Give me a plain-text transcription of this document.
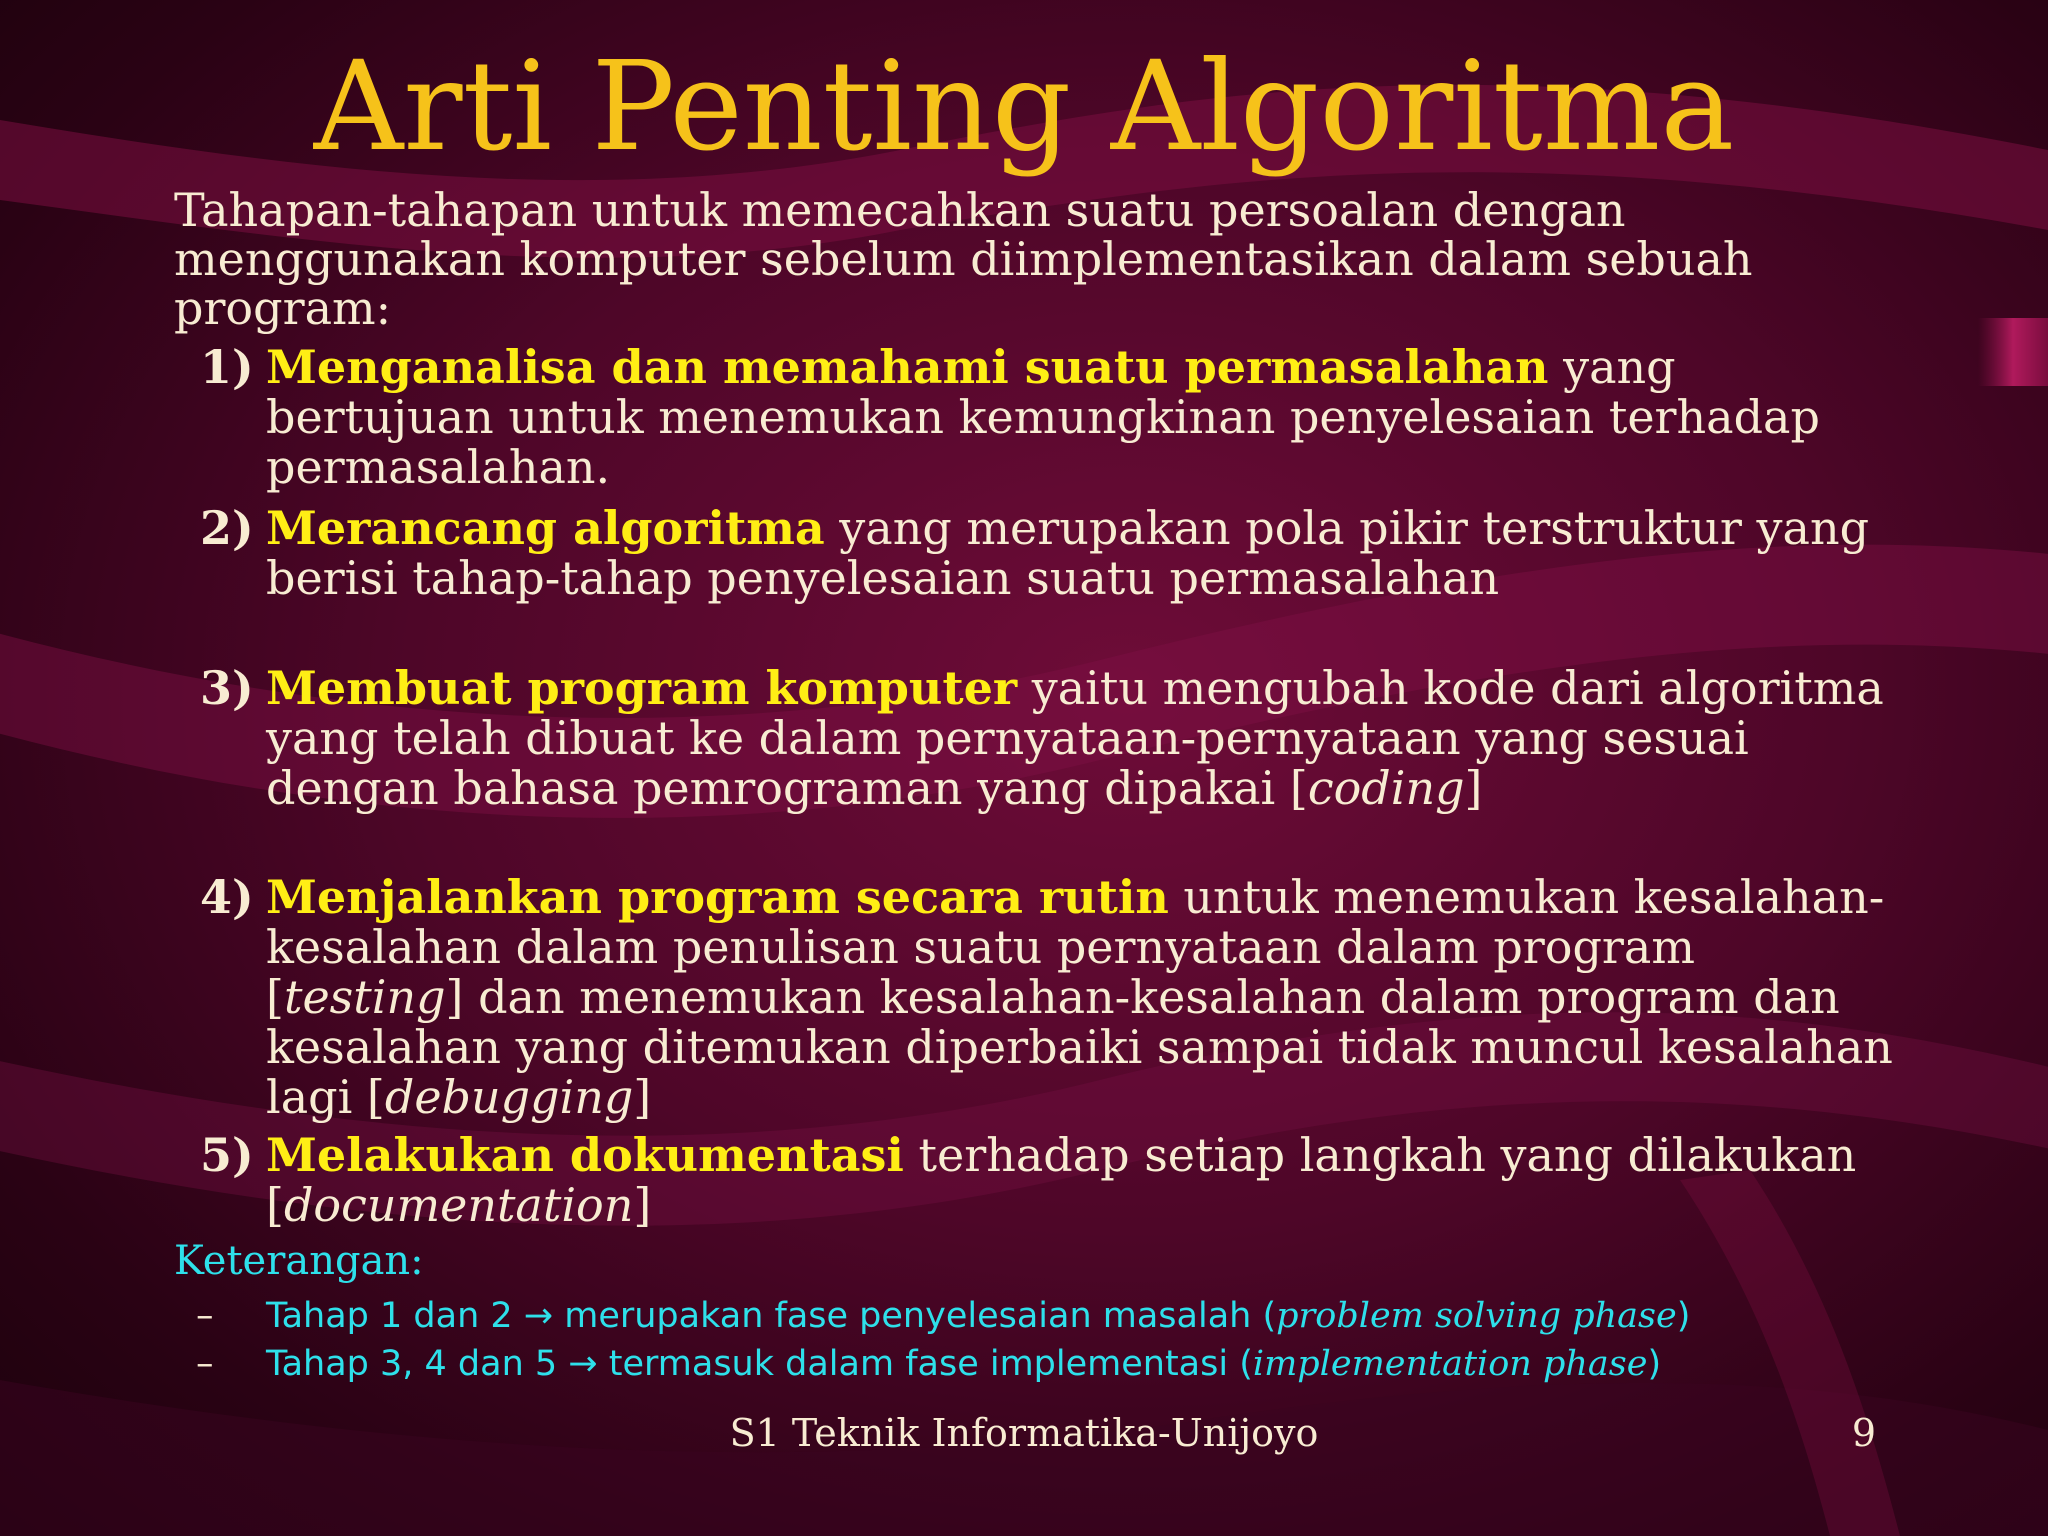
Arti Penting Algoritma

Tahapan-tahapan untuk memecahkan suatu persoalan dengan menggunakan komputer sebelum diimplementasikan dalam sebuah program:

1) Menganalisa dan memahami suatu permasalahan yang bertujuan untuk menemukan kemungkinan penyelesaian terhadap permasalahan.
2) Merancang algoritma yang merupakan pola pikir terstruktur yang berisi tahap-tahap penyelesaian suatu permasalahan
3) Membuat program komputer yaitu mengubah kode dari algoritma yang telah dibuat ke dalam pernyataan-pernyataan yang sesuai dengan bahasa pemrograman yang dipakai [coding]
4) Menjalankan program secara rutin untuk menemukan kesalahan-kesalahan dalam penulisan suatu pernyataan dalam program [testing] dan menemukan kesalahan-kesalahan dalam program dan kesalahan yang ditemukan diperbaiki sampai tidak muncul kesalahan lagi [debugging]
5) Melakukan dokumentasi terhadap setiap langkah yang dilakukan [documentation]
Keterangan:
– Tahap 1 dan 2 → merupakan fase penyelesaian masalah (problem solving phase)
– Tahap 3, 4 dan 5 → termasuk dalam fase implementasi (implementation phase)
S1 Teknik Informatika-Unijoyo	9
